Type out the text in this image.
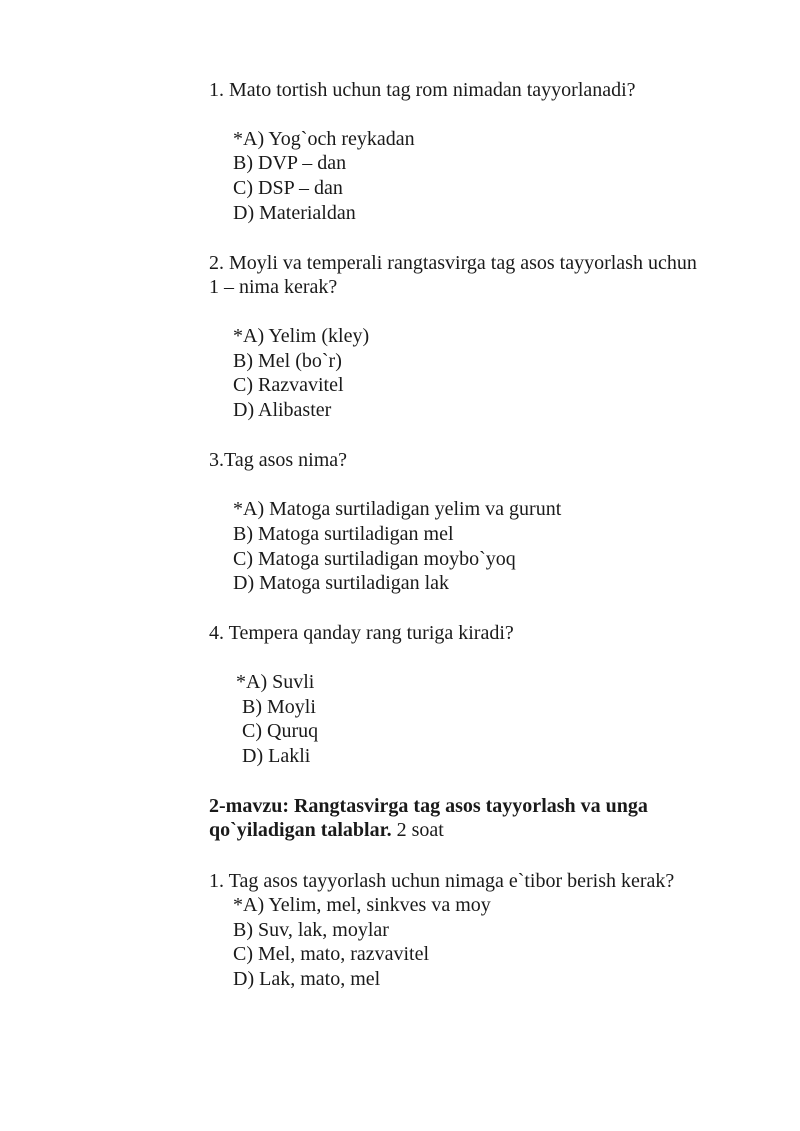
1. Mato tortish uchun tag rom nimadan tayyorlanadi?
*A) Yog`och reykadan
B) DVP – dan
C) DSP – dan
D) Materialdan
2. Moyli va temperali rangtasvirga tag asos tayyorlash uchun
1 – nima kerak?
*A) Yelim (kley)
B) Mel (bo`r)
C) Razvavitel
D) Alibaster
3.Tag asos nima?
*A) Matoga surtiladigan yelim va gurunt
B) Matoga surtiladigan mel
C) Matoga surtiladigan moybo`yoq
D) Matoga surtiladigan lak
4. Tempera qanday rang turiga kiradi?
*A) Suvli
B) Moyli
C) Quruq
D) Lakli
2-mavzu: Rangtasvirga tag asos tayyorlash va unga
qo`yiladigan talablar. 2 soat
1. Tag asos tayyorlash uchun nimaga e`tibor berish kerak?
*A) Yelim, mel, sinkves va moy
B) Suv, lak, moylar
C) Mel, mato, razvavitel
D) Lak, mato, mel
